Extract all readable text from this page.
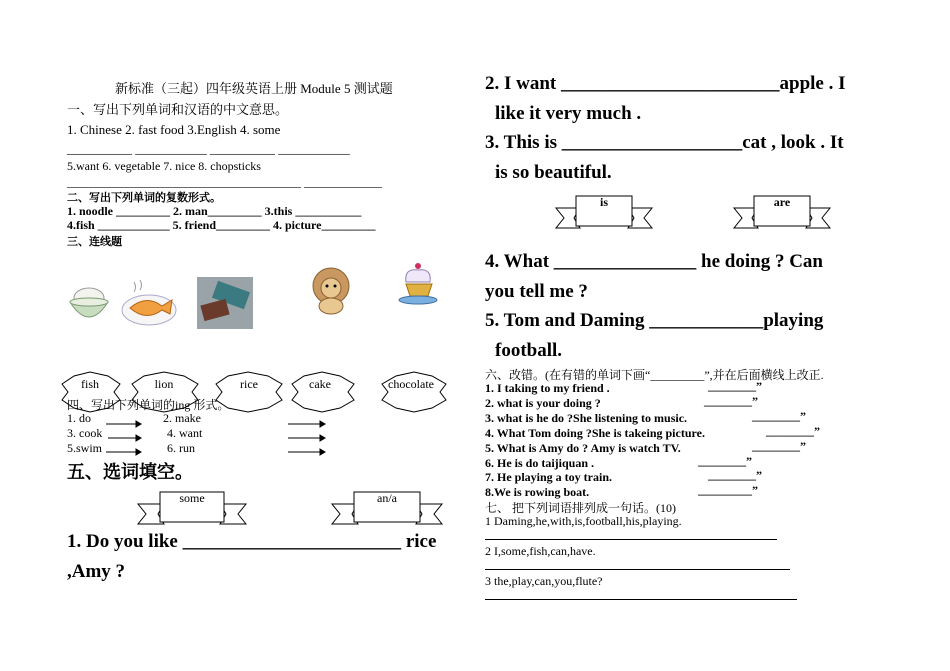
新标准（三起）四年级英语上册 Module 5 测试题
一、写出下列单词和汉语的中文意思。
1. Chinese 2. fast food 3.English 4. some
__________ ___________ __________ ___________
5.want 6. vegetable 7. nice 8. chopsticks
_______________________________________ _____________
二、写出下列单词的复数形式。
1. noodle _________ 2. man_________ 3.this ___________
4.fish ____________ 5. friend_________ 4. picture_________
三、连线题
fish	lion	rice	cake	chocolate
四、写出下列单词的ing 形式。
1. do	2. make
3. cook	4. want
5.swim	6. run
五、选词填空。
some	an/a
1. Do you like _______________________ rice
,Amy ?
2. I want _______________________apple . I
like it very much .
3. This is ___________________cat , look . It
is so beautiful.
is	are
4. What _______________ he doing ? Can
you tell me ?
5. Tom and Daming ____________playing
football.
六、改错。(在有错的单词下画“_________”,并在后面横线上改正.
1. I taking to my friend .	________”
2. what is your doing ?	________”
3. what is he do ?She listening to music.	________”
4. What Tom doing ?She is takeing picture.	________”
5. What is Amy do ? Amy is watch TV.	________”
6. He is do taijiquan .	________”
7. He playing a toy train.	________”
8.We is rowing boat.	_________”
七、 把下列词语排列成一句话。(10)
1 Daming,he,with,is,football,his,playing.
2 I,some,fish,can,have.
3 the,play,can,you,flute?
